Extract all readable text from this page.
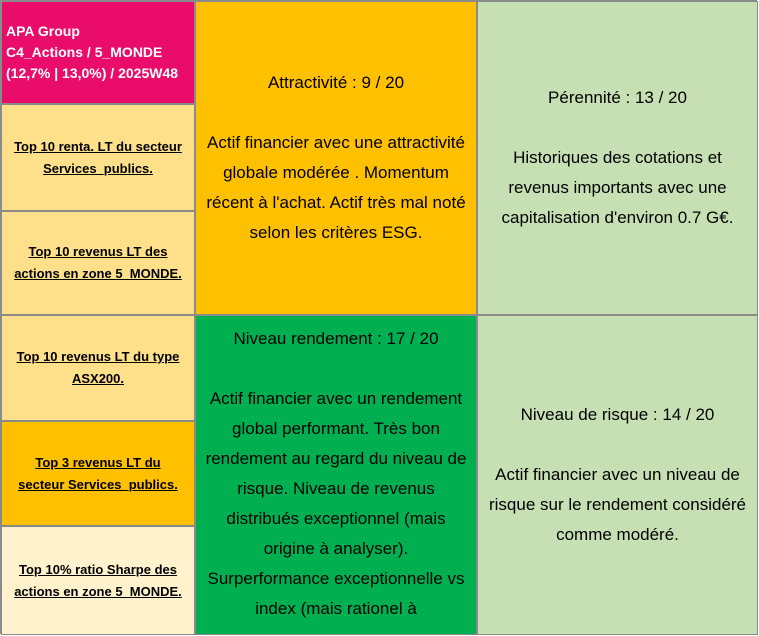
APA Group
C4_Actions / 5_MONDE
(12,7% | 13,0%) / 2025W48
Top 10 renta. LT du secteur
Services_publics.
Top 10 revenus LT des
actions en zone 5_MONDE.
Top 10 revenus LT du type
ASX200.
Top 3 revenus LT du
secteur Services_publics.
Top 10% ratio Sharpe des
actions en zone 5_MONDE.
Attractivité : 9 / 20
Actif financier avec une attractivité globale modérée . Momentum récent à l'achat. Actif très mal noté selon les critères ESG.
Pérennité : 13 / 20
Historiques des cotations et revenus importants avec une capitalisation d'environ 0.7 G€.
Niveau rendement : 17 / 20
Actif financier avec un rendement global performant. Très bon rendement au regard du niveau de risque. Niveau de revenus distribués exceptionnel (mais origine à analyser). Surperformance exceptionnelle vs index (mais rationel à
Niveau de risque : 14 / 20
Actif financier avec un niveau de risque sur le rendement considéré comme modéré.
